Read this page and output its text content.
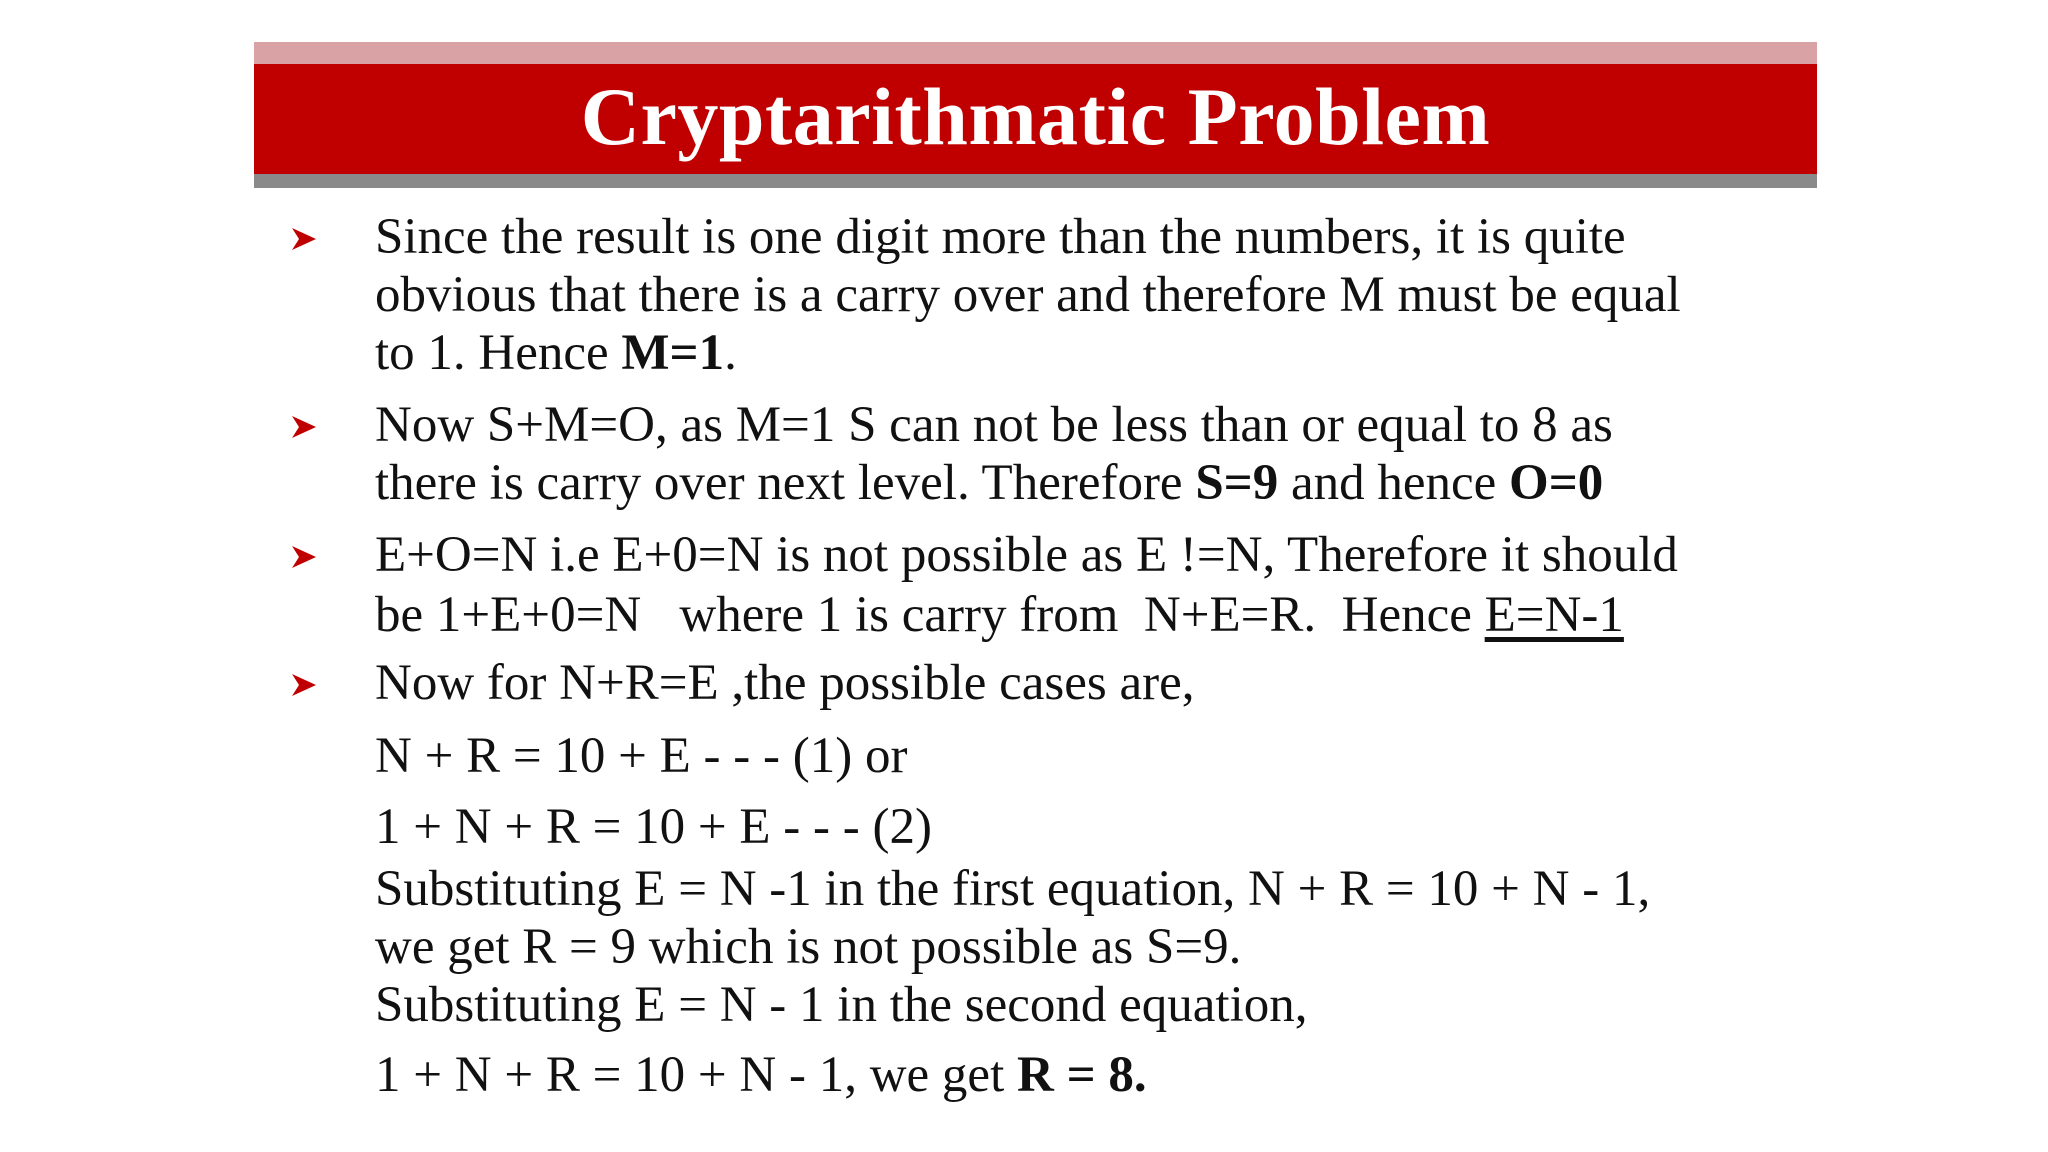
Cryptarithmatic Problem
Since the result is one digit more than the numbers, it is quite
obvious that there is a carry over and therefore M must be equal
to 1. Hence M=1.
Now S+M=O, as M=1 S can not be less than or equal to 8 as
there is carry over next level. Therefore S=9 and hence O=0
E+O=N i.e E+0=N is not possible as E !=N, Therefore it should
be 1+E+0=N   where 1 is carry from  N+E=R.  Hence E=N-1
Now for N+R=E ,the possible cases are,
N + R = 10 + E - - - (1) or
1 + N + R = 10 + E - - - (2)
Substituting E = N -1 in the first equation, N + R = 10 + N - 1,
we get R = 9 which is not possible as S=9.
Substituting E = N - 1 in the second equation,
1 + N + R = 10 + N - 1, we get R = 8.
